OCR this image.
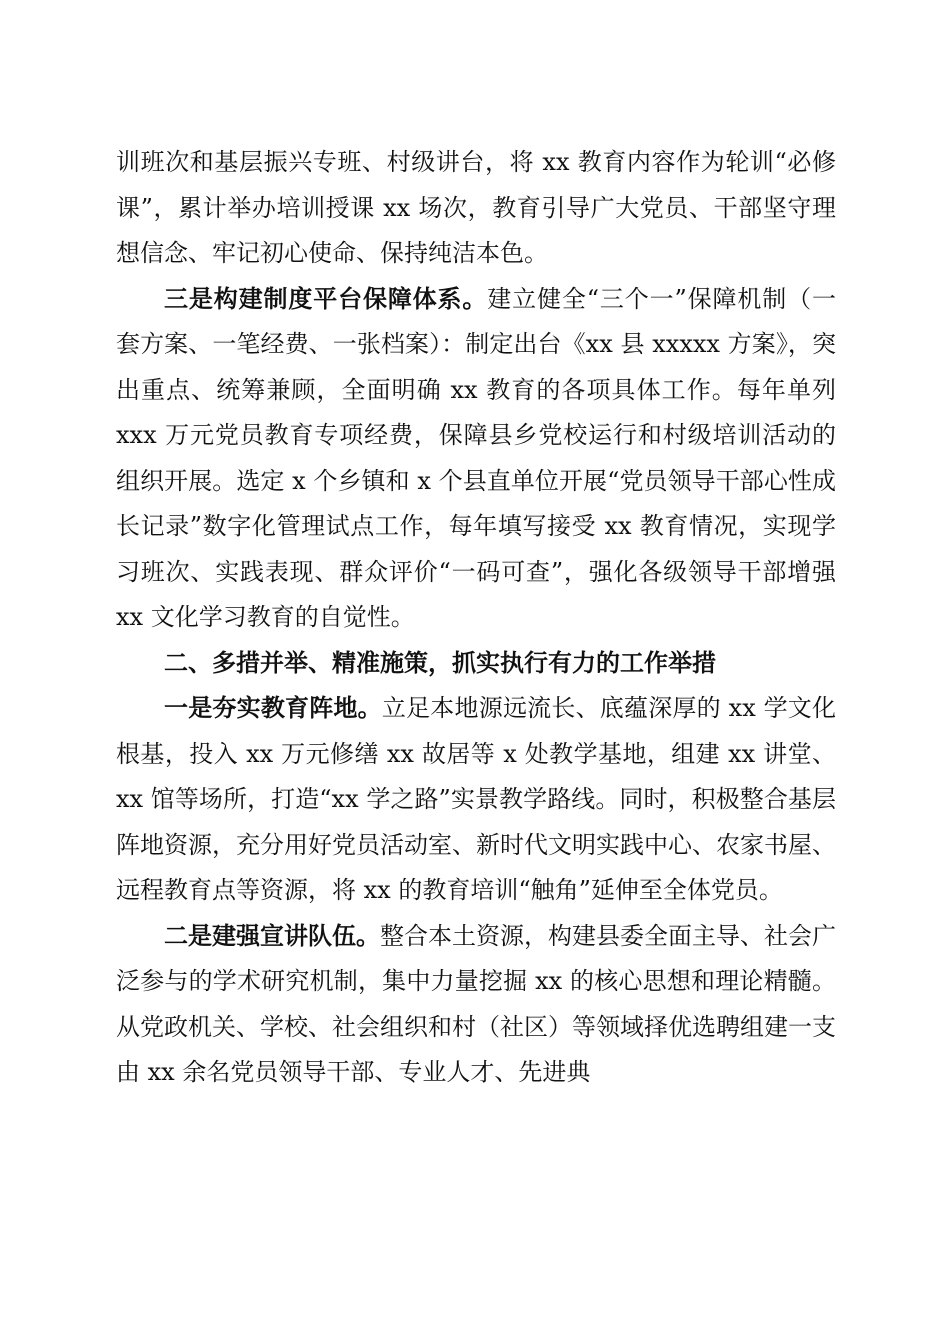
训班次和基层振兴专班、村级讲台，将 xx 教育内容作为轮训“必修课”，累计举办培训授课 xx 场次，教育引导广大党员、干部坚守理想信念、牢记初心使命、保持纯洁本色。

三是构建制度平台保障体系。建立健全“三个一”保障机制（一套方案、一笔经费、一张档案）：制定出台《xx 县 xxxxx 方案》，突出重点、统筹兼顾，全面明确 xx 教育的各项具体工作。每年单列 xxx 万元党员教育专项经费，保障县乡党校运行和村级培训活动的组织开展。选定 x 个乡镇和 x 个县直单位开展“党员领导干部心性成长记录”数字化管理试点工作，每年填写接受 xx 教育情况，实现学习班次、实践表现、群众评价“一码可查”，强化各级领导干部增强 xx 文化学习教育的自觉性。

二、多措并举、精准施策，抓实执行有力的工作举措

一是夯实教育阵地。立足本地源远流长、底蕴深厚的 xx 学文化根基，投入 xx 万元修缮 xx 故居等 x 处教学基地，组建 xx 讲堂、xx 馆等场所，打造“xx 学之路”实景教学路线。同时，积极整合基层阵地资源，充分用好党员活动室、新时代文明实践中心、农家书屋、远程教育点等资源，将 xx 的教育培训“触角”延伸至全体党员。

二是建强宣讲队伍。整合本土资源，构建县委全面主导、社会广泛参与的学术研究机制，集中力量挖掘 xx 的核心思想和理论精髓。从党政机关、学校、社会组织和村（社区）等领域择优选聘组建一支由 xx 余名党员领导干部、专业人才、先进典
